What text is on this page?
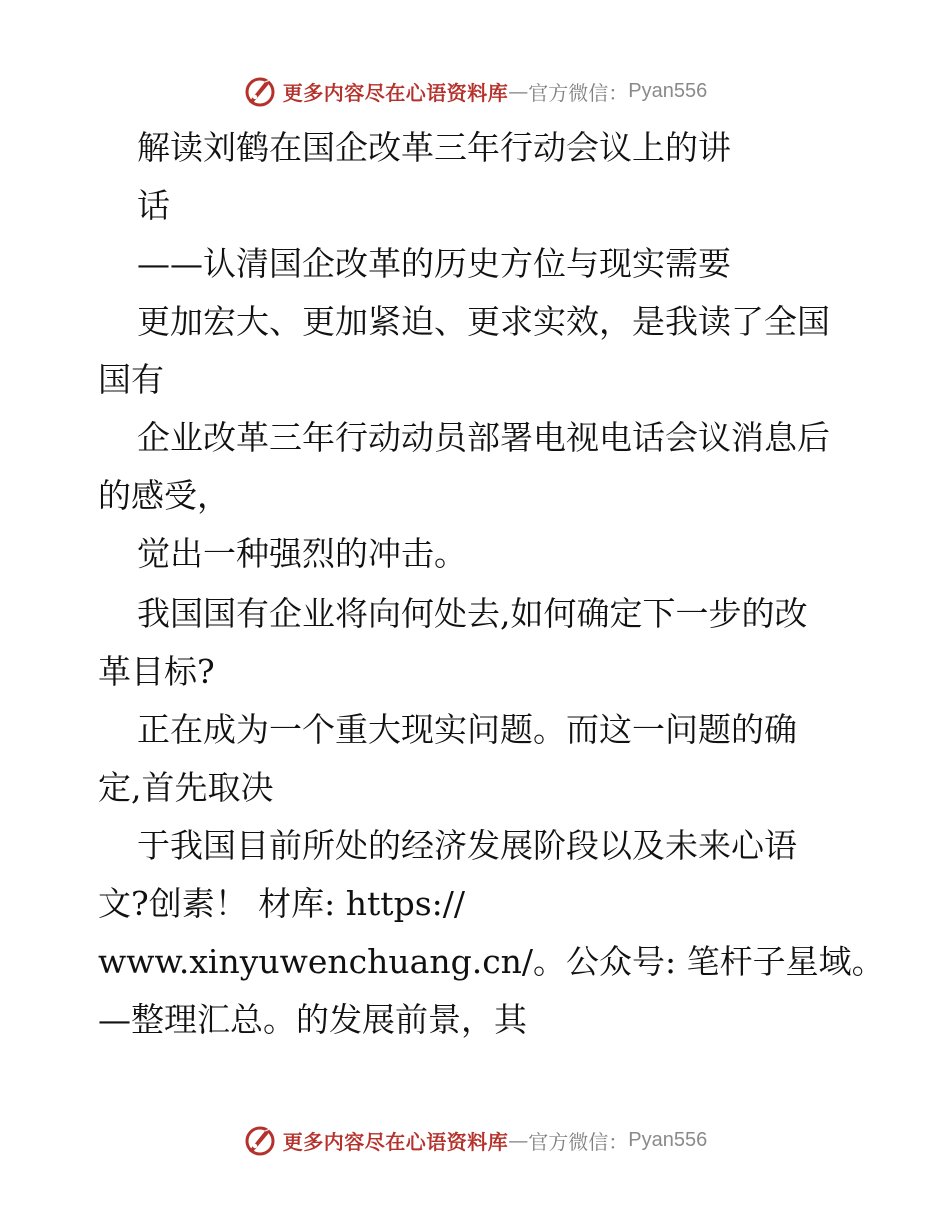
更多内容尽在心语资料库 — 官方微信： Pyan556
解读刘鹤在国企改革三年行动会议上的讲
话
——认清国企改革的历史方位与现实需要
更加宏大、更加紧迫、更求实效，是我读了全国
国有
企业改革三年行动动员部署电视电话会议消息后
的感受，
觉出一种强烈的冲击。
我国国有企业将向何处去,如何确定下一步的改
革目标?
正在成为一个重大现实问题。而这一问题的确
定,首先取决
于我国目前所处的经济发展阶段以及未来心语
文?创素！ 材库: https://
www.xinyuwenchuang.cn/。公众号: 笔杆子星域。
—整理汇总。的发展前景，其
更多内容尽在心语资料库 — 官方微信： Pyan556
